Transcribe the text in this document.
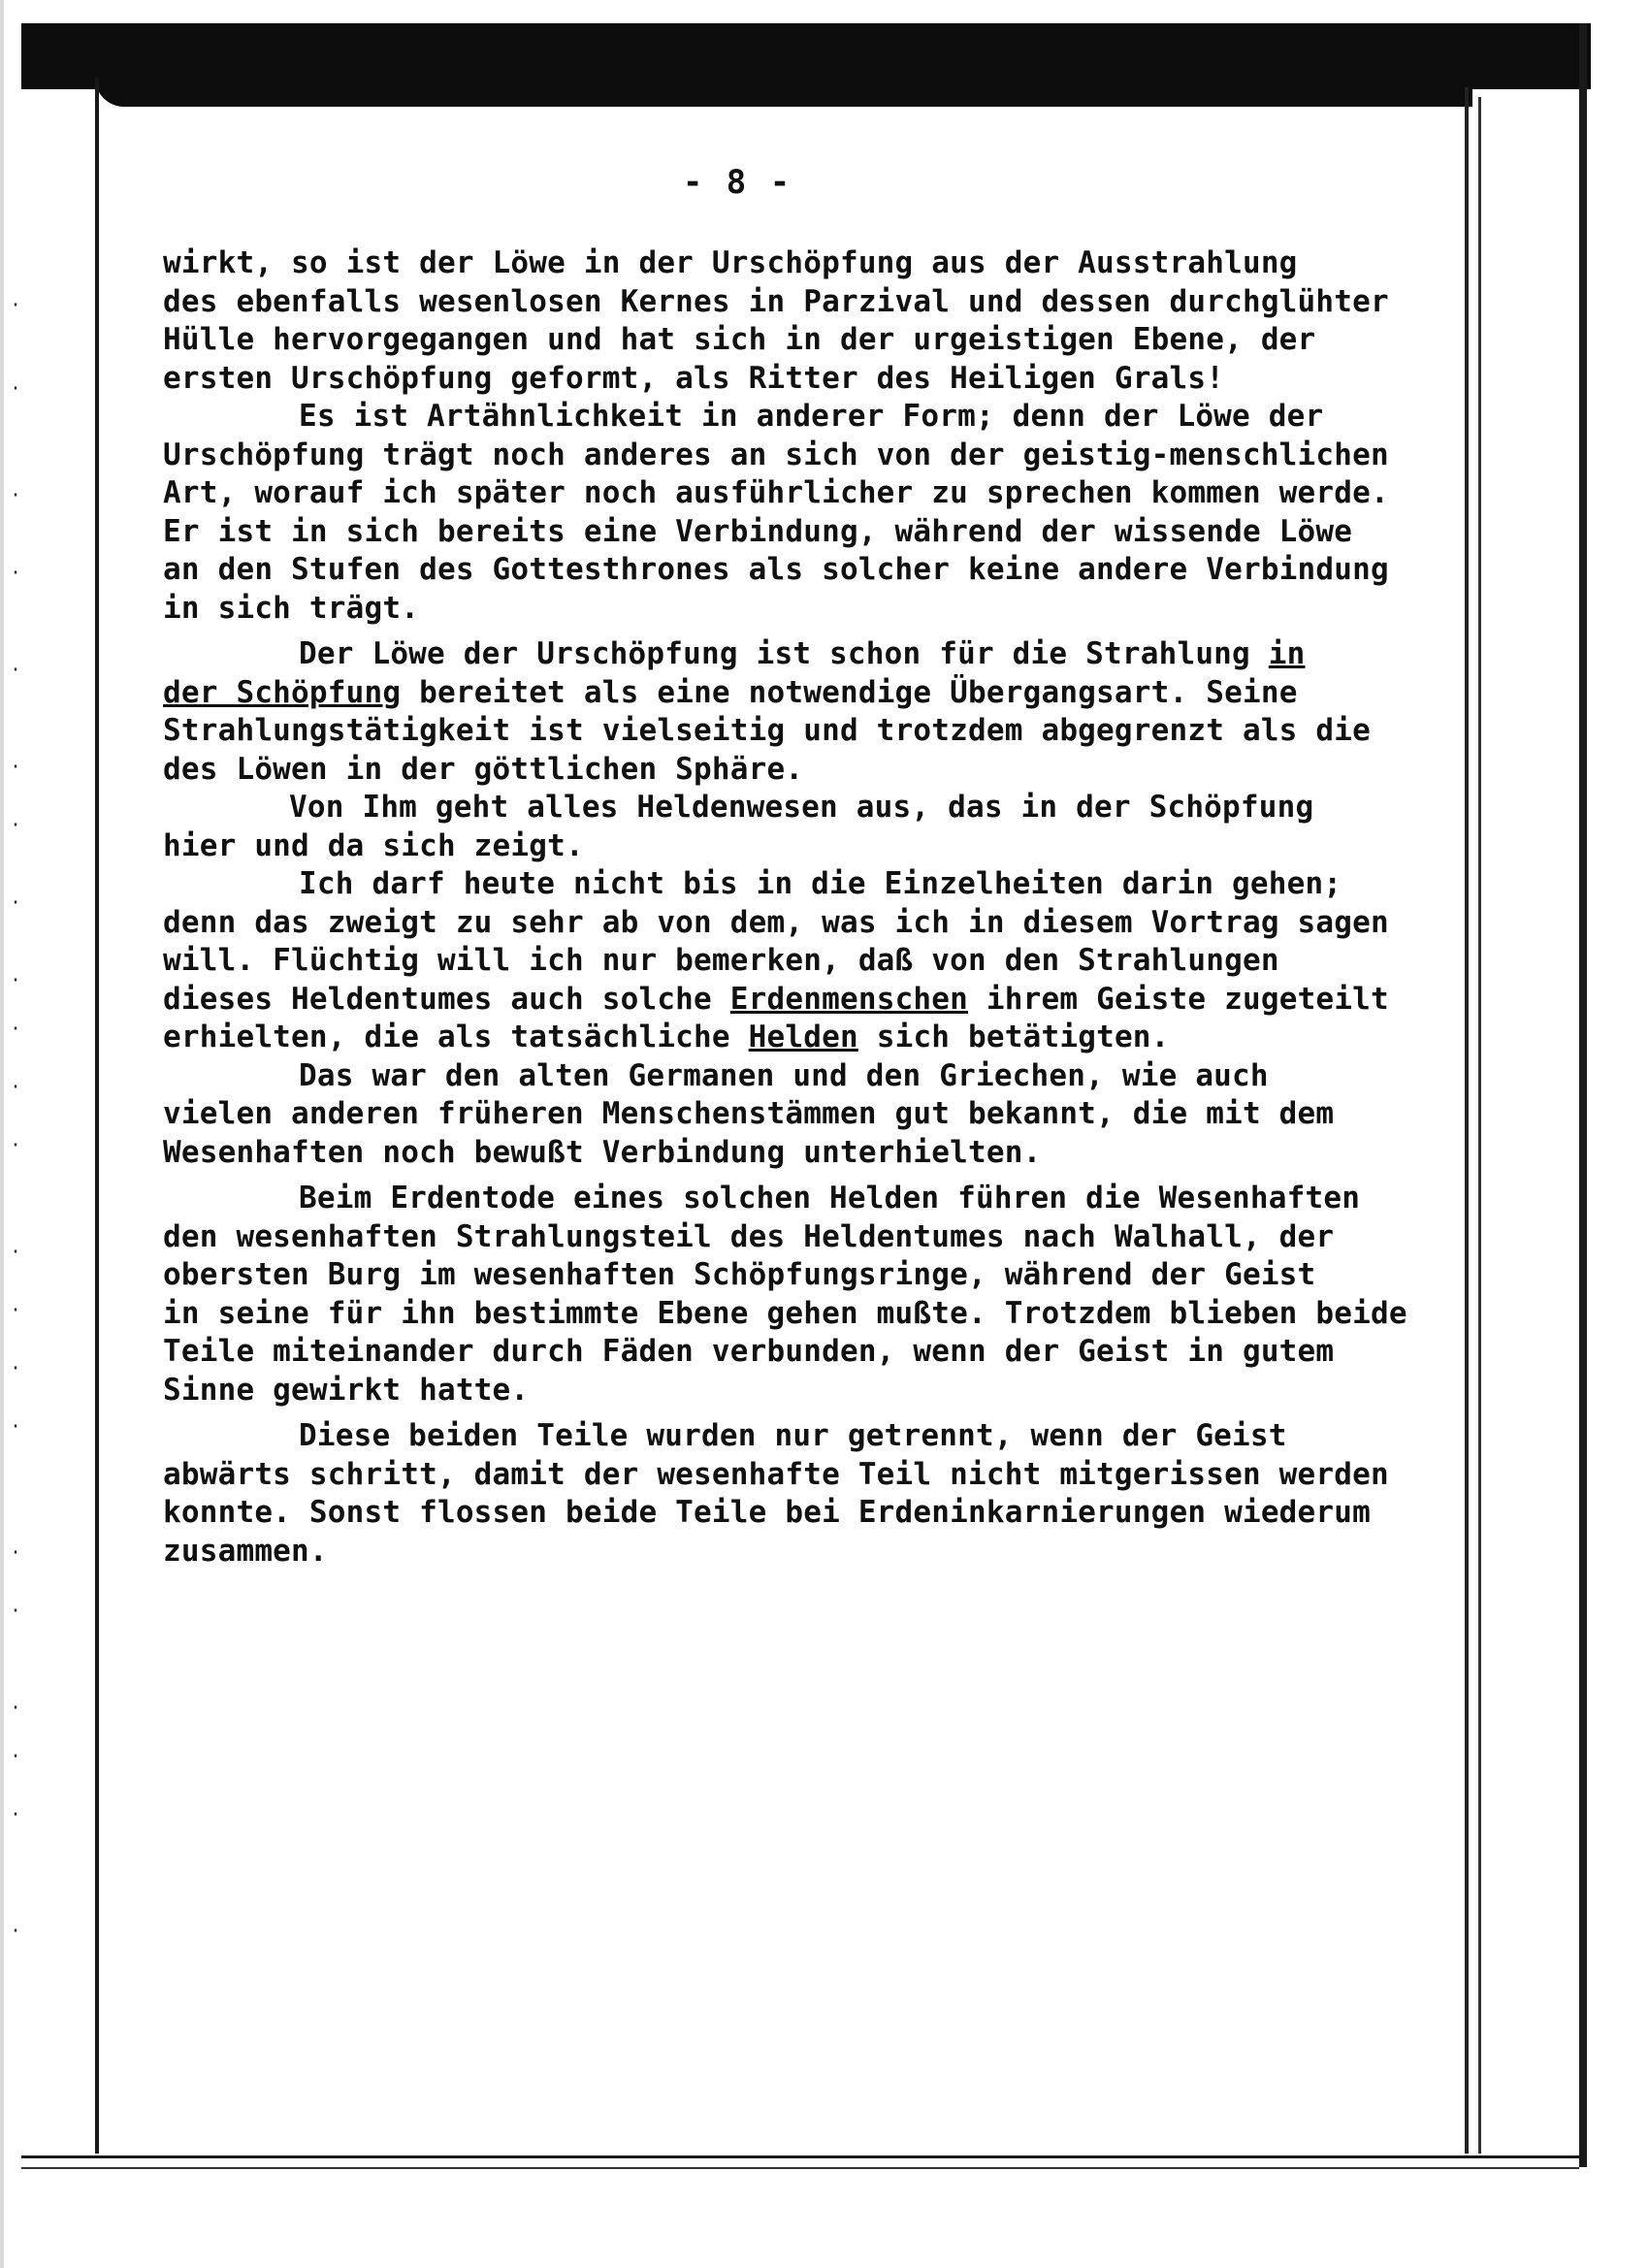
·
·
·
·
·
·
·
·
·
·
·
·
·
·
·
·
·
·
·
·
·
·
- 8 -
wirkt, so ist der Löwe in der Urschöpfung aus der Ausstrahlung
des ebenfalls wesenlosen Kernes in Parzival und dessen durchglühter
Hülle hervorgegangen und hat sich in der urgeistigen Ebene, der
ersten Urschöpfung geformt, als Ritter des Heiligen Grals!
Es ist Artähnlichkeit in anderer Form; denn der Löwe der
Urschöpfung trägt noch anderes an sich von der geistig-menschlichen
Art, worauf ich später noch ausführlicher zu sprechen kommen werde.
Er ist in sich bereits eine Verbindung, während der wissende Löwe
an den Stufen des Gottesthrones als solcher keine andere Verbindung
in sich trägt.
Der Löwe der Urschöpfung ist schon für die Strahlung in
der Schöpfung bereitet als eine notwendige Übergangsart. Seine
Strahlungstätigkeit ist vielseitig und trotzdem abgegrenzt als die
des Löwen in der göttlichen Sphäre.
Von Ihm geht alles Heldenwesen aus, das in der Schöpfung
hier und da sich zeigt.
Ich darf heute nicht bis in die Einzelheiten darin gehen;
denn das zweigt zu sehr ab von dem, was ich in diesem Vortrag sagen
will. Flüchtig will ich nur bemerken, daß von den Strahlungen
dieses Heldentumes auch solche Erdenmenschen ihrem Geiste zugeteilt
erhielten, die als tatsächliche Helden sich betätigten.
Das war den alten Germanen und den Griechen, wie auch
vielen anderen früheren Menschenstämmen gut bekannt, die mit dem
Wesenhaften noch bewußt Verbindung unterhielten.
Beim Erdentode eines solchen Helden führen die Wesenhaften
den wesenhaften Strahlungsteil des Heldentumes nach Walhall, der
obersten Burg im wesenhaften Schöpfungsringe, während der Geist
in seine für ihn bestimmte Ebene gehen mußte. Trotzdem blieben beide
Teile miteinander durch Fäden verbunden, wenn der Geist in gutem
Sinne gewirkt hatte.
Diese beiden Teile wurden nur getrennt, wenn der Geist
abwärts schritt, damit der wesenhafte Teil nicht mitgerissen werden
konnte. Sonst flossen beide Teile bei Erdeninkarnierungen wiederum
zusammen.
